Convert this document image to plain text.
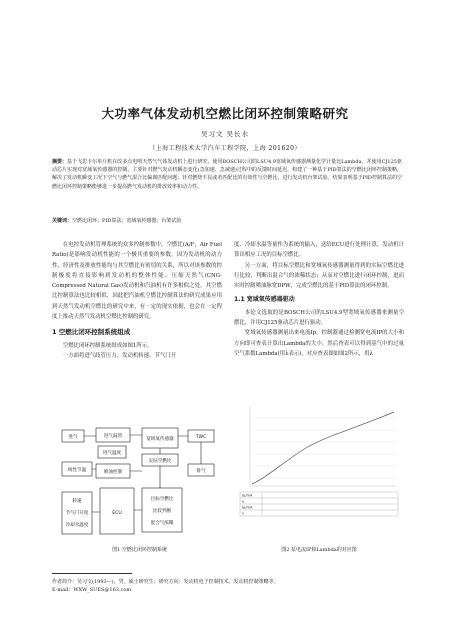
大功率气体发动机空燃比闭环控制策略研究
吴习文 吴长水
（上海工程技术大学汽车工程学院，上海 201620）
摘要：基于飞思卡尔单片机在改多点电喷天然气气体发动机上进行研究，使用BOSCH公司的LSU4.9宽域氧传感器测量化学计量比Lambda，并使用CJ125驱动芯片实现对宽域氧传感器的控制。主要针对燃气发动机瞬态变化(急加速、急减速)过程中的反馈时间延迟，构建了一种基于PID算法的空燃比闭环控制策略，解决了发动机瞬变工况下空气与燃气混合比偏离匹配问题；针对燃烧不良或者匹配比的有效性与空燃比，进行发动机台架试验。结果表明基于PID控制算法的空燃比闭环控制策略能够进一步提高燃气发动机的排放效率和动力性。
关键词：空燃比闭环；PID算法；宽域氧传感器；台架试验
在电控发动机管理系统的众多控制参数中，空燃比(A/F，Air Fuel Ratio)是影响发动机性能的一个极其重要的参数，因为发动机的动力性、经济性及排放性能均与其空燃比有密切的关系，所以对该参数的控制极度将直接影响到发动机的整体性能。压缩天然气(CNG-Compressed Natural Gas)发动机和汽油机有许多相似之处，其空燃比控制算法也比较相似，因此把汽油机空燃比控制算法的研究成果应用到天然气发动机空燃比的研究中来，有一定的现实依据，也会在一定程度上推动天然气发动机空燃比控制的研究。
1 空燃比闭环控制系统组成
空燃比闭环控制系统组成如图1所示。
一方面将进气歧管压力、发动机转速、节气门开
度、冷却水温等量作为系统的输入，送给ECU进行处理计算，发动机计算出相应工况的目标空燃比。
另一方面，将目标空燃比和宽域氧传感器测量得到的实际空燃比进行比较，判断出混合气的浓稀状态；从而对空燃比进行闭环控制，进而实时控制喷油脉宽DPW，完成空燃比的基于PID算法的闭环控制。
1.1 宽域氧传感器驱动
本论文选取的是BOSCH公司的LSU4.9型宽域氧传感器来测量空燃比，并用CJ125驱动芯片进行驱动。
宽域氧传感器测量出来电流Ip，控制器通过检测宽电流IP的大小和方向即可查表计算出Lambda的大小。然后查表可以得到基气中的过量空气系数Lambda(用λ表示)，对应查表图如图2所示，用λ
进气	进气歧管
进气温度
宽域氧传感器	TWC
实际空燃比
线性节温	喷油控制	排气
转速
节气门开度
冷却水温度
ECU
目标空燃比
比较判断
混合气浓稀
Ip/mA
λ
Ip/mA
λ
图1 空燃比闭环控制系统	图2 泵电流IP和Lambda的对应图
作者简介：吴习文(1993—)，男，硕士研究生；研究方向：发动机电子控制技术、发动机控制策略等。
E-mail：WXW_SUES@163.com
